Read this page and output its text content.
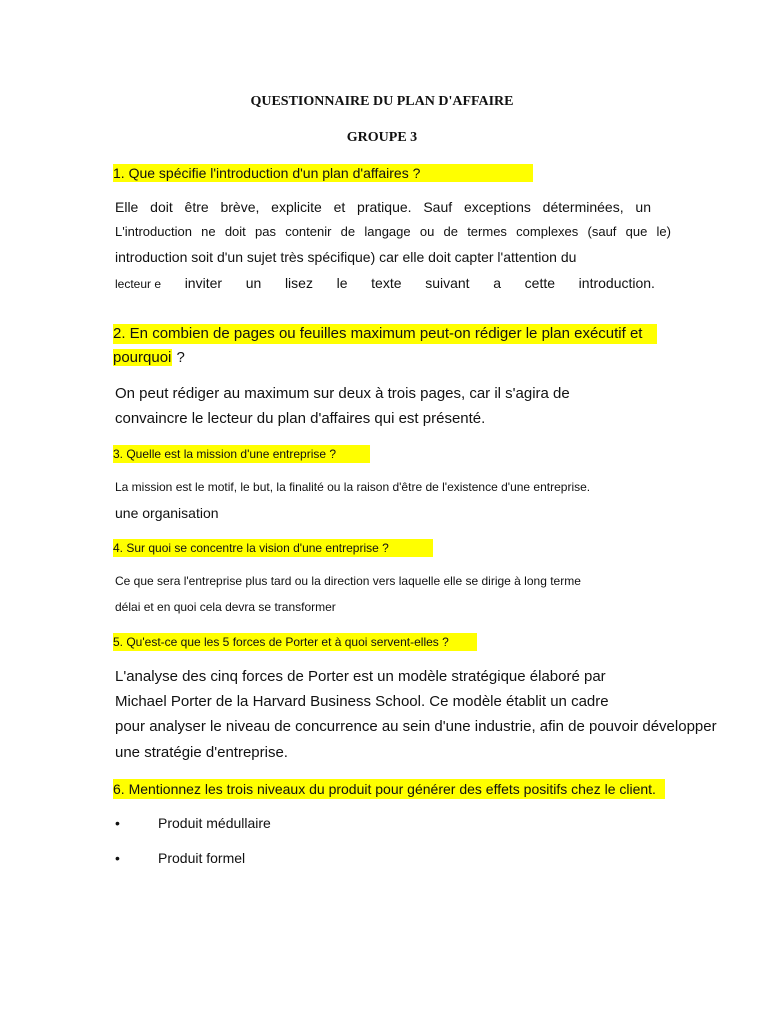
QUESTIONNAIRE DU PLAN D'AFFAIRE

GROUPE 3

1. Que spécifie l'introduction d'un plan d'affaires ?

Elle doit être brève, explicite et pratique. Sauf exceptions déterminées, un

L'introduction ne doit pas contenir de langage ou de termes complexes (sauf que le)

introduction soit d'un sujet très spécifique) car elle doit capter l'attention du

lecteur e inviter un lisez le texte suivant a cette introduction.
2. En combien de pages ou feuilles maximum peut-on rédiger le plan exécutif et
pourquoi ?

On peut rédiger au maximum sur deux à trois pages, car il s'agira de

convaincre le lecteur du plan d'affaires qui est présenté.

3. Quelle est la mission d'une entreprise ?

La mission est le motif, le but, la finalité ou la raison d'être de l'existence d'une entreprise.

une organisation

4. Sur quoi se concentre la vision d'une entreprise ?

Ce que sera l'entreprise plus tard ou la direction vers laquelle elle se dirige à long terme

délai et en quoi cela devra se transformer

5. Qu'est-ce que les 5 forces de Porter et à quoi servent-elles ?

L'analyse des cinq forces de Porter est un modèle stratégique élaboré par

Michael Porter de la Harvard Business School. Ce modèle établit un cadre

pour analyser le niveau de concurrence au sein d'une industrie, afin de pouvoir développer

une stratégie d'entreprise.

6. Mentionnez les trois niveaux du produit pour générer des effets positifs chez le client.
•	Produit médullaire

•	Produit formel
